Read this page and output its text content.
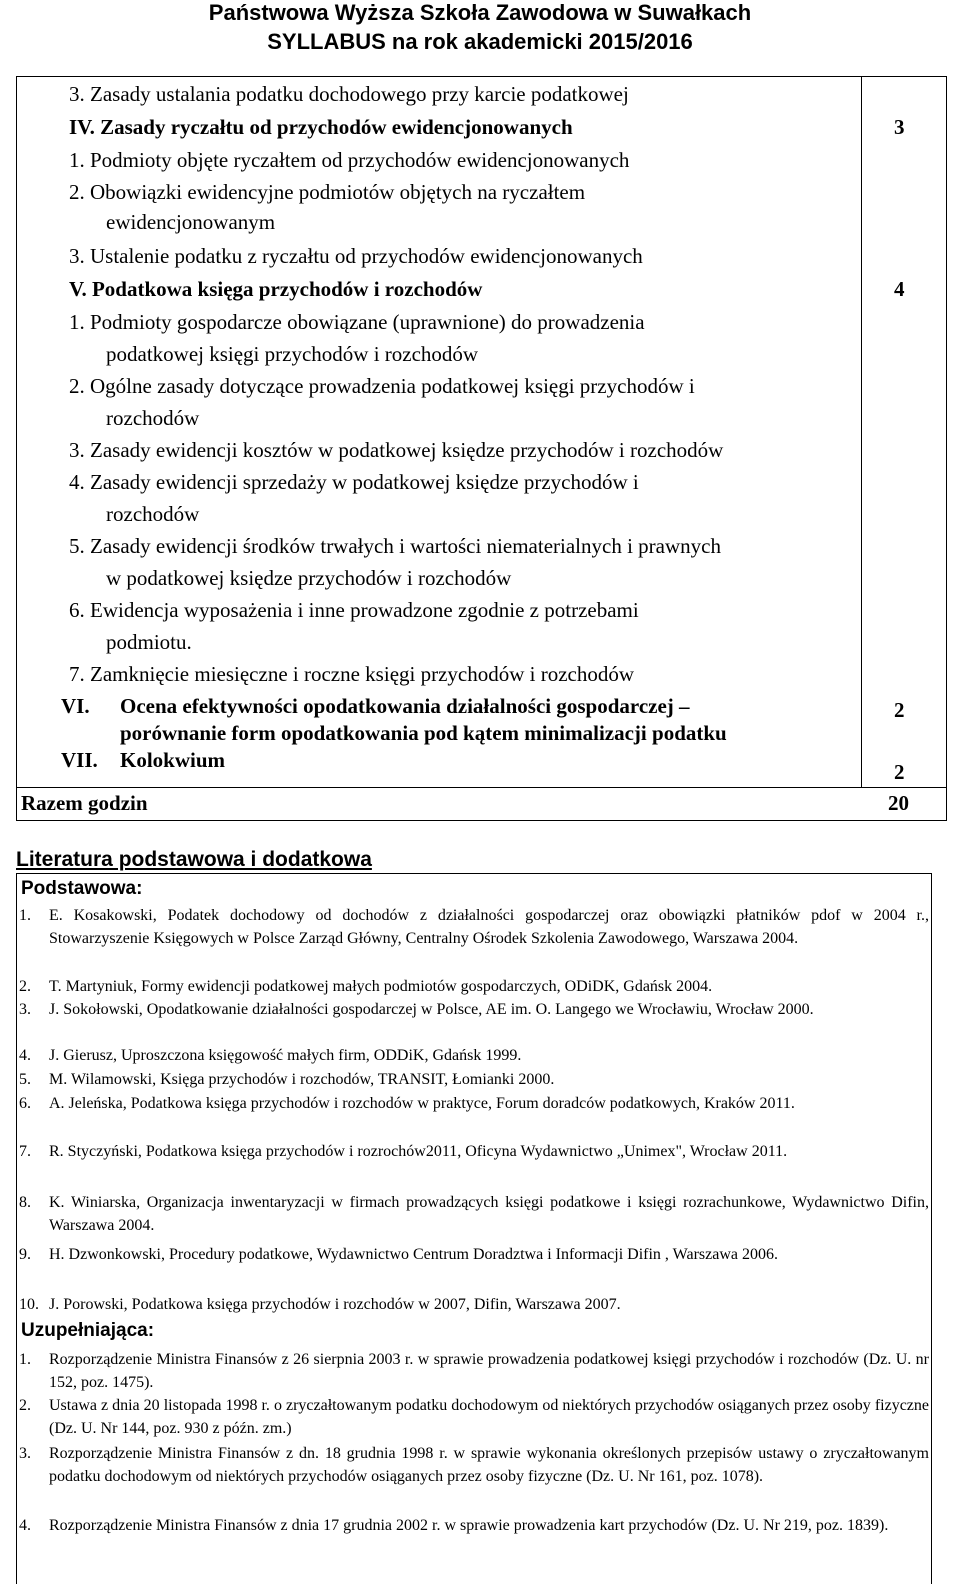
Państwowa Wyższa Szkoła Zawodowa w Suwałkach
SYLLABUS na rok akademicki 2015/2016
3. Zasady ustalania podatku dochodowego przy karcie podatkowej
IV. Zasady ryczałtu od przychodów ewidencjonowanych	3
1. Podmioty objęte ryczałtem od przychodów ewidencjonowanych
2. Obowiązki ewidencyjne podmiotów objętych na ryczałtem
ewidencjonowanym
3. Ustalenie podatku z ryczałtu od przychodów ewidencjonowanych
V. Podatkowa księga przychodów i rozchodów	4
1. Podmioty gospodarcze obowiązane (uprawnione) do prowadzenia
podatkowej księgi przychodów i rozchodów
2. Ogólne zasady dotyczące prowadzenia podatkowej księgi przychodów i
rozchodów
3. Zasady ewidencji kosztów w podatkowej księdze przychodów i rozchodów
4. Zasady ewidencji sprzedaży w podatkowej księdze przychodów i
rozchodów
5. Zasady ewidencji środków trwałych i wartości niematerialnych i prawnych
w podatkowej księdze przychodów i rozchodów
6. Ewidencja wyposażenia i inne prowadzone zgodnie z potrzebami
podmiotu.
7. Zamknięcie miesięczne i roczne księgi przychodów i rozchodów
VI. Ocena efektywności opodatkowania działalności gospodarczej –	2
porównanie form opodatkowania pod kątem minimalizacji podatku
VII. Kolokwium	2
Razem godzin	20
Literatura podstawowa i dodatkowa
Podstawowa:
1. E. Kosakowski, Podatek dochodowy od dochodów z działalności gospodarczej oraz obowiązki płatników pdof w 2004 r., Stowarzyszenie Księgowych w Polsce Zarząd Główny, Centralny Ośrodek Szkolenia Zawodowego, Warszawa 2004.
2. T. Martyniuk, Formy ewidencji podatkowej małych podmiotów gospodarczych, ODiDK, Gdańsk 2004.
3. J. Sokołowski, Opodatkowanie działalności gospodarczej w Polsce, AE im. O. Langego we Wrocławiu, Wrocław 2000.
4. J. Gierusz, Uproszczona księgowość małych firm, ODDiK, Gdańsk 1999.
5. M. Wilamowski, Księga przychodów i rozchodów, TRANSIT, Łomianki 2000.
6. A. Jeleńska, Podatkowa księga przychodów i rozchodów w praktyce, Forum doradców podatkowych, Kraków 2011.
7. R. Styczyński, Podatkowa księga przychodów i rozrochów2011, Oficyna Wydawnictwo „Unimex", Wrocław 2011.
8. K. Winiarska, Organizacja inwentaryzacji w firmach prowadzących księgi podatkowe i księgi rozrachunkowe, Wydawnictwo Difin, Warszawa 2004.
9. H. Dzwonkowski, Procedury podatkowe, Wydawnictwo Centrum Doradztwa i Informacji Difin , Warszawa 2006.
10. J. Porowski, Podatkowa księga przychodów i rozchodów w 2007, Difin, Warszawa 2007.
Uzupełniająca:
1. Rozporządzenie Ministra Finansów z 26 sierpnia 2003 r. w sprawie prowadzenia podatkowej księgi przychodów i rozchodów (Dz. U. nr 152, poz. 1475).
2. Ustawa z dnia 20 listopada 1998 r. o zryczałtowanym podatku dochodowym od niektórych przychodów osiąganych przez osoby fizyczne (Dz. U. Nr 144, poz. 930 z późn. zm.)
3. Rozporządzenie Ministra Finansów z dn. 18 grudnia 1998 r. w sprawie wykonania określonych przepisów ustawy o zryczałtowanym podatku dochodowym od niektórych przychodów osiąganych przez osoby fizyczne (Dz. U. Nr 161, poz. 1078).
4. Rozporządzenie Ministra Finansów z dnia 17 grudnia 2002 r. w sprawie prowadzenia kart przychodów (Dz. U. Nr 219, poz. 1839).
